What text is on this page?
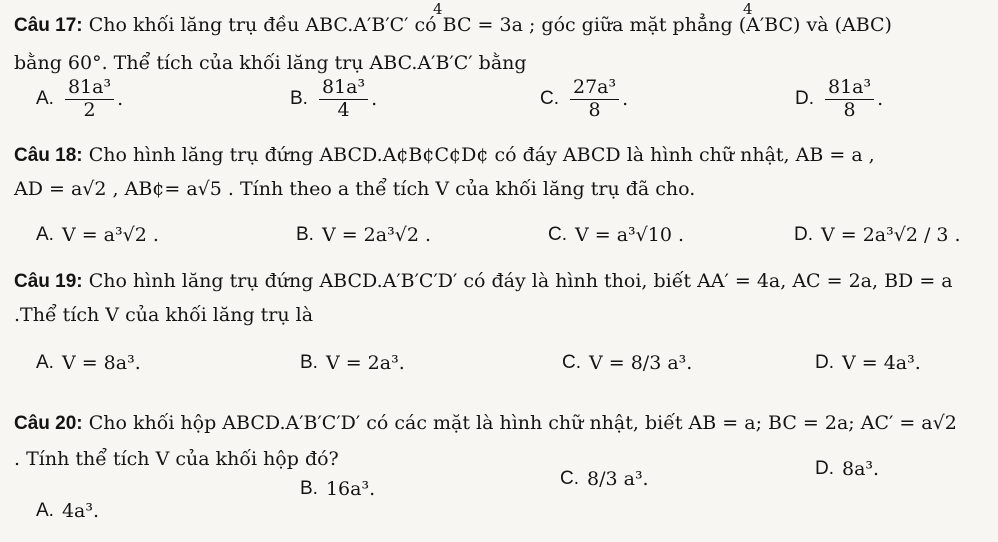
4	4
Câu 17: Cho khối lăng trụ đều ABC.A′B′C′ có BC = 3a ; góc giữa mặt phẳng (A′BC) và (ABC)
bằng 60°. Thể tích của khối lăng trụ ABC.A′B′C′ bằng
A. $\frac{\text{81a³}}{2}$ .	B. $\frac{\text{81a³}}{4}$ .	C. $\frac{\text{27a³}}{8}$ .	D. $\frac{\text{81a³}}{8}$ .
Câu 18: Cho hình lăng trụ đứng ABCD.A¢B¢C¢D¢ có đáy ABCD là hình chữ nhật, AB = a ,
AD = a√2 , AB¢= a√5 . Tính theo a thể tích V của khối lăng trụ đã cho.
A. V = a³√2 .	B. V = 2a³√2 .	C. V = a³√10 .	D. V = 2a³√2 / 3 .
Câu 19: Cho hình lăng trụ đứng ABCD.A′B′C′D′ có đáy là hình thoi, biết AA′ = 4a, AC = 2a, BD = a
.Thể tích V của khối lăng trụ là
A. V = 8a³.	B. V = 2a³.	C. V = 8/3 a³.	D. V = 4a³.
Câu 20: Cho khối hộp ABCD.A′B′C′D′ có các mặt là hình chữ nhật, biết AB = a; BC = 2a; AC′ = a√2
. Tính thể tích V của khối hộp đó?
A. 4a³.
B. 16a³.	C. 8/3 a³.	D. 8a³.
